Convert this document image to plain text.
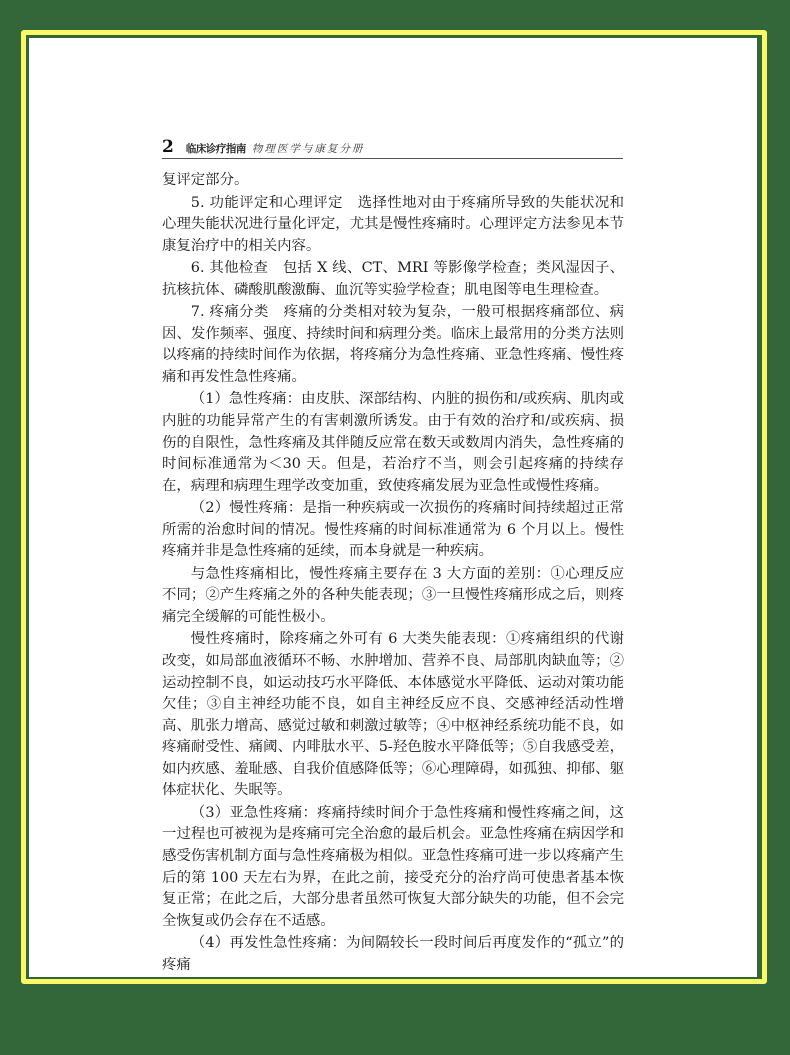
2 临床诊疗指南 物理医学与康复分册

复评定部分。

5. 功能评定和心理评定　选择性地对由于疼痛所导致的失能状况和心理失能状况进行量化评定，尤其是慢性疼痛时。心理评定方法参见本节康复治疗中的相关内容。

6. 其他检查　包括 X 线、CT、MRI 等影像学检查；类风湿因子、抗核抗体、磷酸肌酸激酶、血沉等实验学检查；肌电图等电生理检查。

7. 疼痛分类　疼痛的分类相对较为复杂，一般可根据疼痛部位、病因、发作频率、强度、持续时间和病理分类。临床上最常用的分类方法则以疼痛的持续时间作为依据，将疼痛分为急性疼痛、亚急性疼痛、慢性疼痛和再发性急性疼痛。

（1）急性疼痛：由皮肤、深部结构、内脏的损伤和/或疾病、肌肉或内脏的功能异常产生的有害刺激所诱发。由于有效的治疗和/或疾病、损伤的自限性，急性疼痛及其伴随反应常在数天或数周内消失，急性疼痛的时间标准通常为＜30 天。但是，若治疗不当，则会引起疼痛的持续存在，病理和病理生理学改变加重，致使疼痛发展为亚急性或慢性疼痛。

（2）慢性疼痛：是指一种疾病或一次损伤的疼痛时间持续超过正常所需的治愈时间的情况。慢性疼痛的时间标准通常为 6 个月以上。慢性疼痛并非是急性疼痛的延续，而本身就是一种疾病。

与急性疼痛相比，慢性疼痛主要存在 3 大方面的差别：①心理反应不同；②产生疼痛之外的各种失能表现；③一旦慢性疼痛形成之后，则疼痛完全缓解的可能性极小。

慢性疼痛时，除疼痛之外可有 6 大类失能表现：①疼痛组织的代谢改变，如局部血液循环不畅、水肿增加、营养不良、局部肌肉缺血等；②运动控制不良，如运动技巧水平降低、本体感觉水平降低、运动对策功能欠佳；③自主神经功能不良，如自主神经反应不良、交感神经活动性增高、肌张力增高、感觉过敏和刺激过敏等；④中枢神经系统功能不良，如疼痛耐受性、痛阈、内啡肽水平、5-羟色胺水平降低等；⑤自我感受差，如内疚感、羞耻感、自我价值感降低等；⑥心理障碍，如孤独、抑郁、躯体症状化、失眠等。

（3）亚急性疼痛：疼痛持续时间介于急性疼痛和慢性疼痛之间，这一过程也可被视为是疼痛可完全治愈的最后机会。亚急性疼痛在病因学和感受伤害机制方面与急性疼痛极为相似。亚急性疼痛可进一步以疼痛产生后的第 100 天左右为界，在此之前，接受充分的治疗尚可使患者基本恢复正常；在此之后，大部分患者虽然可恢复大部分缺失的功能，但不会完全恢复或仍会存在不适感。

（4）再发性急性疼痛：为间隔较长一段时间后再度发作的“孤立”的疼痛
